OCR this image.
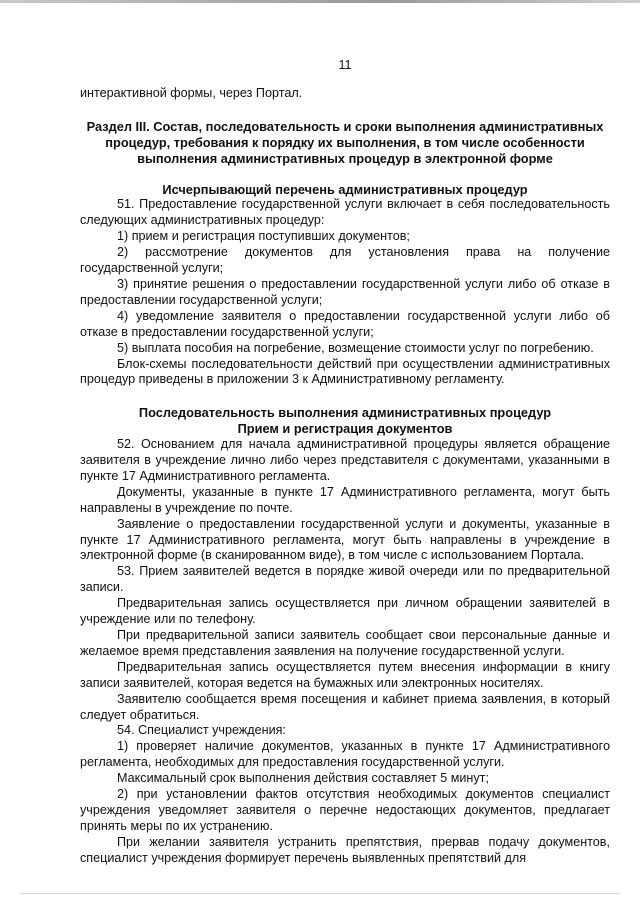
11

интерактивной формы, через Портал.

Раздел III. Состав, последовательность и сроки выполнения административных процедур, требования к порядку их выполнения, в том числе особенности выполнения административных процедур в электронной форме

Исчерпывающий перечень административных процедур

51. Предоставление государственной услуги включает в себя последовательность следующих административных процедур:

1) прием и регистрация поступивших документов;

2) рассмотрение документов для установления права на получение государственной услуги;

3) принятие решения о предоставлении государственной услуги либо об отказе в предоставлении государственной услуги;

4) уведомление заявителя о предоставлении государственной услуги либо об отказе в предоставлении государственной услуги;

5) выплата пособия на погребение, возмещение стоимости услуг по погребению.

Блок-схемы последовательности действий при осуществлении административных процедур приведены в приложении 3 к Административному регламенту.

Последовательность выполнения административных процедур

Прием и регистрация документов

52. Основанием для начала административной процедуры является обращение заявителя в учреждение лично либо через представителя с документами, указанными в пункте 17 Административного регламента.

Документы, указанные в пункте 17 Административного регламента, могут быть направлены в учреждение по почте.

Заявление о предоставлении государственной услуги и документы, указанные в пункте 17 Административного регламента, могут быть направлены в учреждение в электронной форме (в сканированном виде), в том числе с использованием Портала.

53. Прием заявителей ведется в порядке живой очереди или по предварительной записи.

Предварительная запись осуществляется при личном обращении заявителей в учреждение или по телефону.

При предварительной записи заявитель сообщает свои персональные данные и желаемое время представления заявления на получение государственной услуги.

Предварительная запись осуществляется путем внесения информации в книгу записи заявителей, которая ведется на бумажных или электронных носителях.

Заявителю сообщается время посещения и кабинет приема заявления, в который следует обратиться.

54. Специалист учреждения:

1) проверяет наличие документов, указанных в пункте 17 Административного регламента, необходимых для предоставления государственной услуги.

Максимальный срок выполнения действия составляет 5 минут;

2) при установлении фактов отсутствия необходимых документов специалист учреждения уведомляет заявителя о перечне недостающих документов, предлагает принять меры по их устранению.

При желании заявителя устранить препятствия, прервав подачу документов, специалист учреждения формирует перечень выявленных препятствий для
